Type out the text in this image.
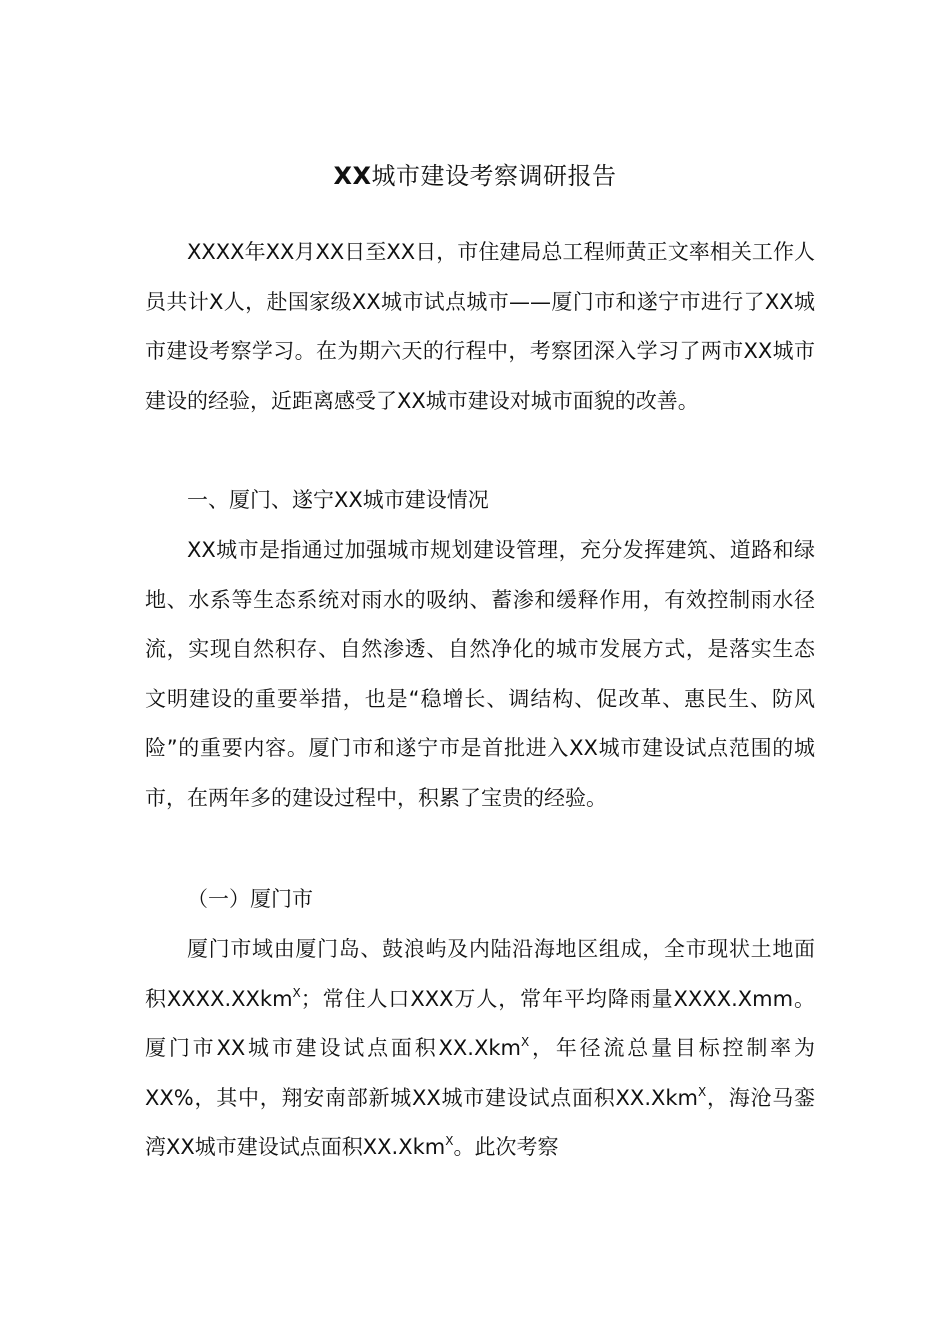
XX城市建设考察调研报告

XXXX年XX月XX日至XX日，市住建局总工程师黄正文率相关工作人员共计X人，赴国家级XX城市试点城市——厦门市和遂宁市进行了XX城市建设考察学习。在为期六天的行程中，考察团深入学习了两市XX城市建设的经验，近距离感受了XX城市建设对城市面貌的改善。

一、厦门、遂宁XX城市建设情况

XX城市是指通过加强城市规划建设管理，充分发挥建筑、道路和绿地、水系等生态系统对雨水的吸纳、蓄渗和缓释作用，有效控制雨水径流，实现自然积存、自然渗透、自然净化的城市发展方式，是落实生态文明建设的重要举措，也是“稳增长、调结构、促改革、惠民生、防风险”的重要内容。厦门市和遂宁市是首批进入XX城市建设试点范围的城市，在两年多的建设过程中，积累了宝贵的经验。

（一）厦门市

厦门市域由厦门岛、鼓浪屿及内陆沿海地区组成，全市现状土地面积XXXX.XXkm$^X$；常住人口XXX万人，常年平均降雨量XXXX.Xmm。厦门市XX城市建设试点面积XX.Xkm$^X$，年径流总量目标控制率为XX%，其中，翔安南部新城XX城市建设试点面积XX.Xkm$^X$，海沧马銮湾XX城市建设试点面积XX.Xkm$^X$。此次考察
